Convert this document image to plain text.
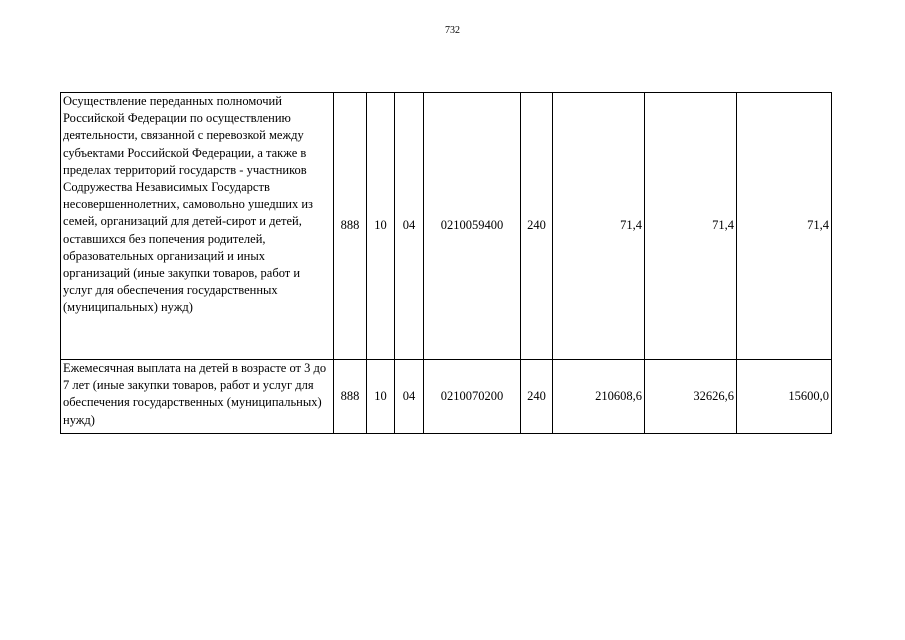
732
Осуществление переданных полномочий Российской Федерации по осуществлению деятельности, связанной с перевозкой между субъектами Российской Федерации, а также в пределах территорий государств - участников Содружества Независимых Государств несовершеннолетних, самовольно ушедших из семей, организаций для детей-сирот и детей, оставшихся без попечения родителей, образовательных организаций и иных организаций (иные закупки товаров, работ и услуг для обеспечения государственных (муниципальных) нужд)	888	10	04	0210059400	240	71,4	71,4	71,4
Ежемесячная выплата на детей в возрасте от 3 до 7 лет (иные закупки товаров, работ и услуг для обеспечения государственных (муниципальных) нужд)	888	10	04	0210070200	240	210608,6	32626,6	15600,0
